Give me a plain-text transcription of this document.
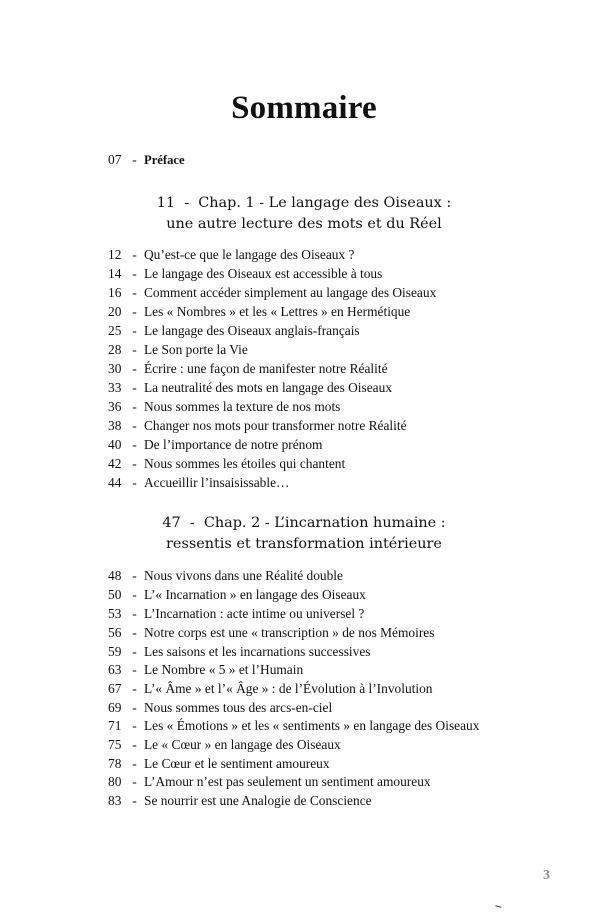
Sommaire
07 - Préface
11  -  Chap. 1 - Le langage des Oiseaux :
une autre lecture des mots et du Réel
12 - Qu’est-ce que le langage des Oiseaux ?
14 - Le langage des Oiseaux est accessible à tous
16 - Comment accéder simplement au langage des Oiseaux
20 - Les « Nombres » et les « Lettres » en Hermétique
25 - Le langage des Oiseaux anglais-français
28 - Le Son porte la Vie
30 - Écrire : une façon de manifester notre Réalité
33 - La neutralité des mots en langage des Oiseaux
36 - Nous sommes la texture de nos mots
38 - Changer nos mots pour transformer notre Réalité
40 - De l’importance de notre prénom
42 - Nous sommes les étoiles qui chantent
44 - Accueillir l’insaisissable…
47  -  Chap. 2 - L’incarnation humaine :
ressentis et transformation intérieure
48 - Nous vivons dans une Réalité double
50 - L’« Incarnation » en langage des Oiseaux
53 - L’Incarnation : acte intime ou universel ?
56 - Notre corps est une « transcription » de nos Mémoires
59 - Les saisons et les incarnations successives
63 - Le Nombre « 5 » et l’Humain
67 - L’« Âme » et l’« Âge » : de l’Évolution à l’Involution
69 - Nous sommes tous des arcs-en-ciel
71 - Les « Émotions » et les « sentiments » en langage des Oiseaux
75 - Le « Cœur » en langage des Oiseaux
78 - Le Cœur et le sentiment amoureux
80 - L’Amour n’est pas seulement un sentiment amoureux
83 - Se nourrir est une Analogie de Conscience
3
